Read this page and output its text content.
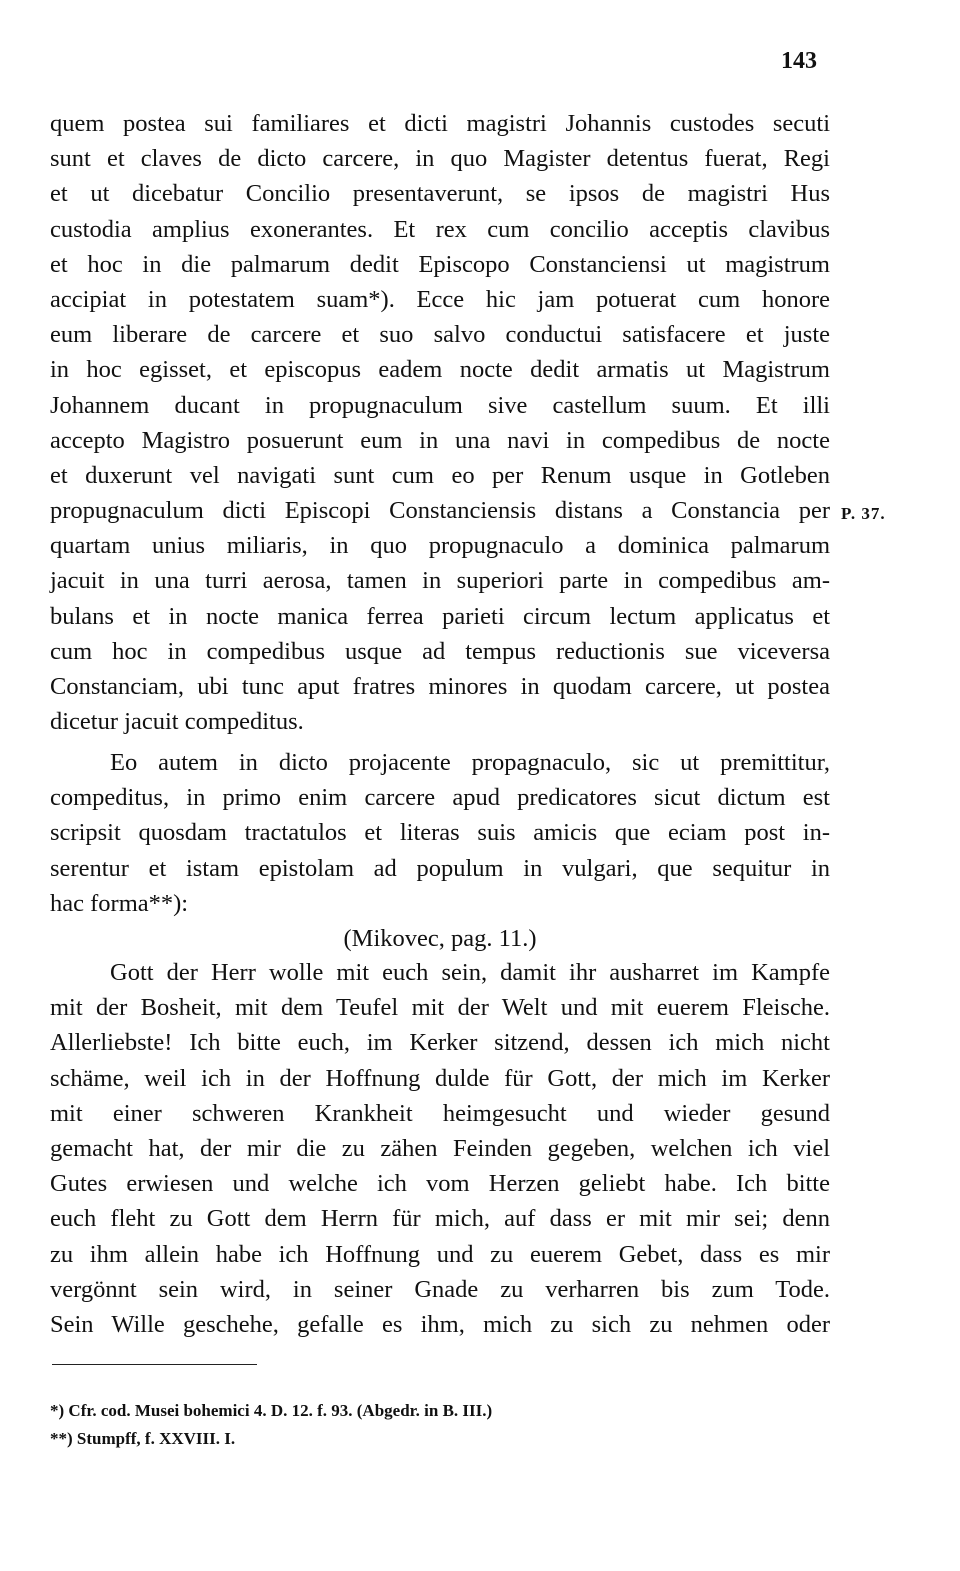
143
P. 37.
quem postea sui familiares et dicti magistri Johannis custodes secuti
sunt et claves de dicto carcere, in quo Magister detentus fuerat, Regi
et ut dicebatur Concilio presentaverunt, se ipsos de magistri Hus
custodia amplius exonerantes. Et rex cum concilio acceptis clavibus
et hoc in die palmarum dedit Episcopo Constanciensi ut magistrum
accipiat in potestatem suam*). Ecce hic jam potuerat cum honore
eum liberare de carcere et suo salvo conductui satisfacere et juste
in hoc egisset, et episcopus eadem nocte dedit armatis ut Magistrum
Johannem ducant in propugnaculum sive castellum suum. Et illi
accepto Magistro posuerunt eum in una navi in compedibus de nocte
et duxerunt vel navigati sunt cum eo per Renum usque in Gotleben
propugnaculum dicti Episcopi Constanciensis distans a Constancia per
quartam unius miliaris, in quo propugnaculo a dominica palmarum
jacuit in una turri aerosa, tamen in superiori parte in compedibus am-
bulans et in nocte manica ferrea parieti circum lectum applicatus et
cum hoc in compedibus usque ad tempus reductionis sue viceversa
Constanciam, ubi tunc aput fratres minores in quodam carcere, ut postea
dicetur jacuit compeditus.
Eo autem in dicto projacente propagnaculo, sic ut premittitur,
compeditus, in primo enim carcere apud predicatores sicut dictum est
scripsit quosdam tractatulos et literas suis amicis que eciam post in-
serentur et istam epistolam ad populum in vulgari, que sequitur in
hac forma**):
(Mikovec, pag. 11.)
Gott der Herr wolle mit euch sein, damit ihr ausharret im Kampfe
mit der Bosheit, mit dem Teufel mit der Welt und mit euerem Fleische.
Allerliebste! Ich bitte euch, im Kerker sitzend, dessen ich mich nicht
schäme, weil ich in der Hoffnung dulde für Gott, der mich im Kerker
mit einer schweren Krankheit heimgesucht und wieder gesund
gemacht hat, der mir die zu zähen Feinden gegeben, welchen ich viel
Gutes erwiesen und welche ich vom Herzen geliebt habe. Ich bitte
euch fleht zu Gott dem Herrn für mich, auf dass er mit mir sei; denn
zu ihm allein habe ich Hoffnung und zu euerem Gebet, dass es mir
vergönnt sein wird, in seiner Gnade zu verharren bis zum Tode.
Sein Wille geschehe, gefalle es ihm, mich zu sich zu nehmen oder
*) Cfr. cod. Musei bohemici 4. D. 12. f. 93. (Abgedr. in B. III.)
**) Stumpff, f. XXVIII. I.
